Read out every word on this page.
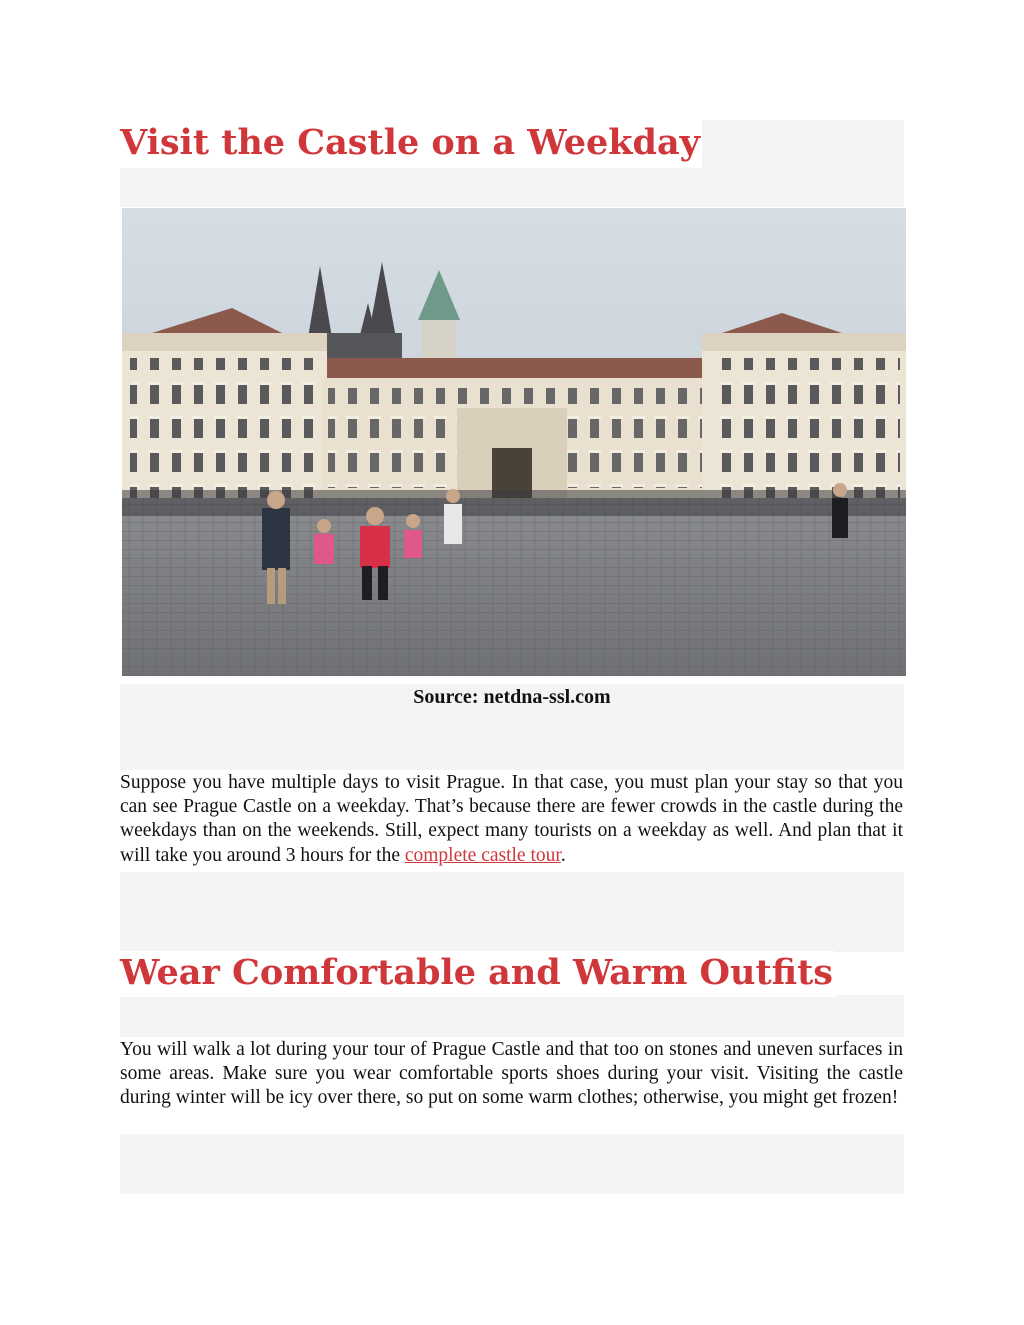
Visit the Castle on a Weekday
Source: netdna-ssl.com

Suppose you have multiple days to visit Prague. In that case, you must plan your stay so that you can see Prague Castle on a weekday. That’s because there are fewer crowds in the castle during the weekdays than on the weekends. Still, expect many tourists on a weekday as well. And plan that it will take you around 3 hours for the complete castle tour.

Wear Comfortable and Warm Outfits

You will walk a lot during your tour of Prague Castle and that too on stones and uneven surfaces in some areas. Make sure you wear comfortable sports shoes during your visit. Visiting the castle during winter will be icy over there, so put on some warm clothes; otherwise, you might get frozen!
